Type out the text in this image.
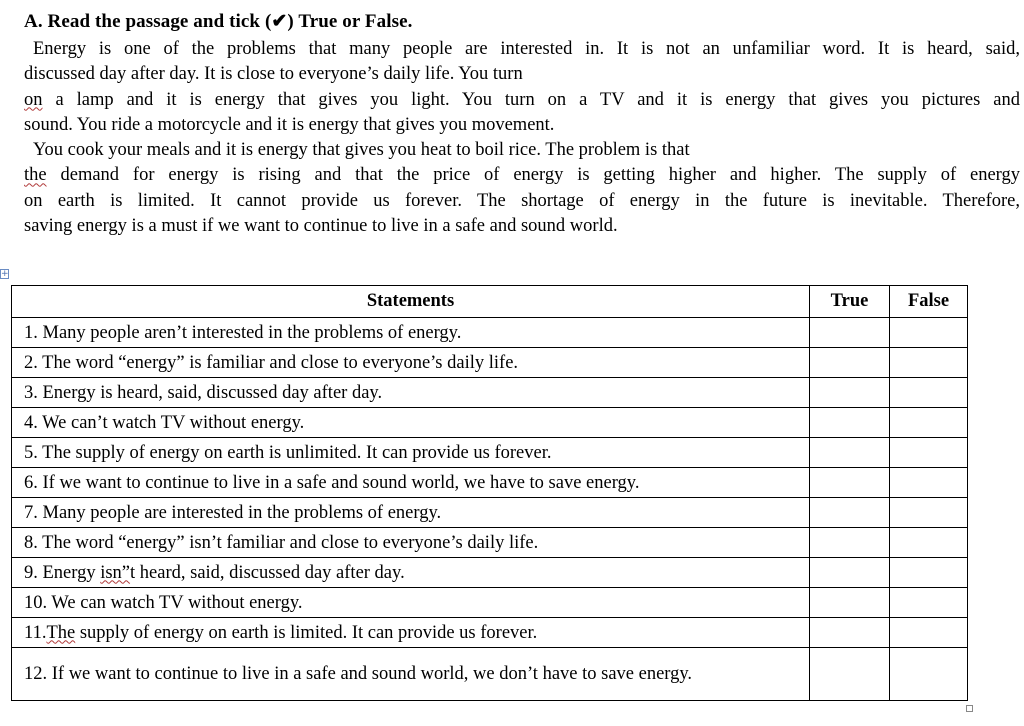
A. Read the passage and tick (✔) True or False.
Energy is one of the problems that many people are interested in. It is not an unfamiliar word. It is heard, said,
discussed day after day. It is close to everyone’s daily life. You turn
on a lamp and it is energy that gives you light. You turn on a TV and it is energy that gives you pictures and
sound. You ride a motorcycle and it is energy that gives you movement.
You cook your meals and it is energy that gives you heat to boil rice. The problem is that
the demand for energy is rising and that the price of energy is getting higher and higher. The supply of energy
on earth is limited. It cannot provide us forever. The shortage of energy in the future is inevitable. Therefore,
saving energy is a must if we want to continue to live in a safe and sound world.
+
Statements	True	False
1. Many people aren’t interested in the problems of energy.		
2. The word “energy” is familiar and close to everyone’s daily life.		
3. Energy is heard, said, discussed day after day.		
4. We can’t watch TV without energy.		
5. The supply of energy on earth is unlimited. It can provide us forever.		
6. If we want to continue to live in a safe and sound world, we have to save energy.		
7. Many people are interested in the problems of energy.		
8. The word “energy” isn’t familiar and close to everyone’s daily life.		
9. Energy isn”t heard, said, discussed day after day.		
10. We can watch TV without energy.		
11.The supply of energy on earth is limited. It can provide us forever.		
12. If we want to continue to live in a safe and sound world, we don’t have to save energy.		
